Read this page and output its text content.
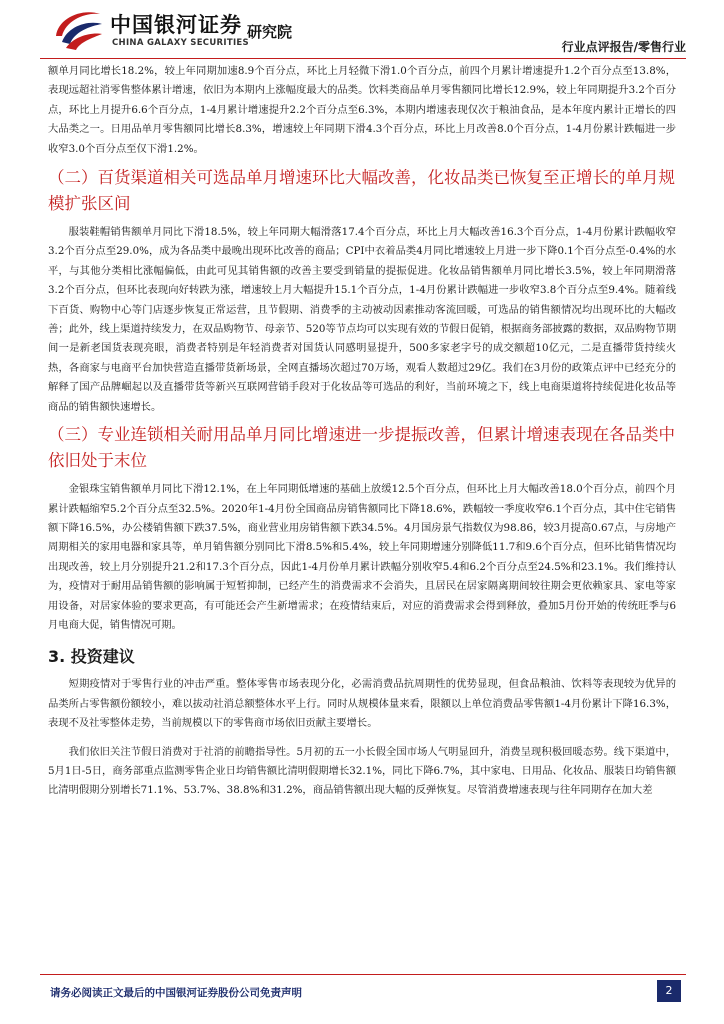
中国银河证券
CHINA GALAXY SECURITIES
研究院
行业点评报告/零售行业

额单月同比增长18.2%，较上年同期加速8.9个百分点，环比上月轻微下滑1.0个百分点，前四个月累计增速提升1.2个百分点至13.8%，表现远超社消零售整体累计增速，依旧为本期内上涨幅度最大的品类。饮料类商品单月零售额同比增长12.9%，较上年同期提升3.2个百分点，环比上月提升6.6个百分点，1-4月累计增速提升2.2个百分点至6.3%，本期内增速表现仅次于粮油食品，是本年度内累计正增长的四大品类之一。日用品单月零售额同比增长8.3%，增速较上年同期下滑4.3个百分点，环比上月改善8.0个百分点，1-4月份累计跌幅进一步收窄3.0个百分点至仅下滑1.2%。

（二）百货渠道相关可选品单月增速环比大幅改善，化妆品类已恢复至正增长的单月规模扩张区间

服装鞋帽销售额单月同比下滑18.5%，较上年同期大幅滑落17.4个百分点，环比上月大幅改善16.3个百分点，1-4月份累计跌幅收窄3.2个百分点至29.0%，成为各品类中最晚出现环比改善的商品；CPI中衣着品类4月同比增速较上月进一步下降0.1个百分点至-0.4%的水平，与其他分类相比涨幅偏低，由此可见其销售额的改善主要受到销量的提振促进。化妆品销售额单月同比增长3.5%，较上年同期滑落3.2个百分点，但环比表现向好转跌为涨，增速较上月大幅提升15.1个百分点，1-4月份累计跌幅进一步收窄3.8个百分点至9.4%。随着线下百货、购物中心等门店逐步恢复正常运营，且节假期、消费季的主动被动因素推动客流回暖，可选品的销售额情况均出现环比的大幅改善；此外，线上渠道持续发力，在双品购物节、母亲节、520等节点均可以实现有效的节假日促销，根据商务部披露的数据，双品购物节期间一是新老国货表现亮眼，消费者特别是年轻消费者对国货认同感明显提升，500多家老字号的成交额超10亿元，二是直播带货持续火热，各商家与电商平台加快营造直播带货新场景，全网直播场次超过70万场，观看人数超过29亿。我们在3月份的政策点评中已经充分的解释了国产品牌崛起以及直播带货等新兴互联网营销手段对于化妆品等可选品的利好，当前环境之下，线上电商渠道将持续促进化妆品等商品的销售额快速增长。

（三）专业连锁相关耐用品单月同比增速进一步提振改善，但累计增速表现在各品类中依旧处于末位

金银珠宝销售额单月同比下滑12.1%，在上年同期低增速的基础上放缓12.5个百分点，但环比上月大幅改善18.0个百分点，前四个月累计跌幅缩窄5.2个百分点至32.5%。2020年1-4月份全国商品房销售额同比下降18.6%，跌幅较一季度收窄6.1个百分点，其中住宅销售额下降16.5%，办公楼销售额下跌37.5%，商业营业用房销售额下跌34.5%。4月国房景气指数仅为98.86，较3月提高0.67点，与房地产周期相关的家用电器和家具等，单月销售额分别同比下滑8.5%和5.4%，较上年同期增速分别降低11.7和9.6个百分点，但环比销售情况均出现改善，较上月分别提升21.2和17.3个百分点，因此1-4月份单月累计跌幅分别收窄5.4和6.2个百分点至24.5%和23.1%。我们维持认为，疫情对于耐用品销售额的影响属于短暂抑制，已经产生的消费需求不会消失，且居民在居家隔离期间较往期会更依赖家具、家电等家用设备，对居家体验的要求更高，有可能还会产生新增需求；在疫情结束后，对应的消费需求会得到释放，叠加5月份开始的传统旺季与6月电商大促，销售情况可期。

3. 投资建议

短期疫情对于零售行业的冲击严重。整体零售市场表现分化，必需消费品抗周期性的优势显现，但食品粮油、饮料等表现较为优异的品类所占零售额份额较小，难以拔动社消总额整体水平上行。同时从规模体量来看，限额以上单位消费品零售额1-4月份累计下降16.3%，表现不及社零整体走势，当前规模以下的零售商市场依旧贡献主要增长。

我们依旧关注节假日消费对于社消的前瞻指导性。5月初的五一小长假全国市场人气明显回升，消费呈现积极回暖态势。线下渠道中，5月1日-5日，商务部重点监测零售企业日均销售额比清明假期增长32.1%，同比下降6.7%，其中家电、日用品、化妆品、服装日均销售额比清明假期分别增长71.1%、53.7%、38.8%和31.2%，商品销售额出现大幅的反弹恢复。尽管消费增速表现与往年同期存在加大差

请务必阅读正文最后的中国银河证券股份公司免责声明	2
